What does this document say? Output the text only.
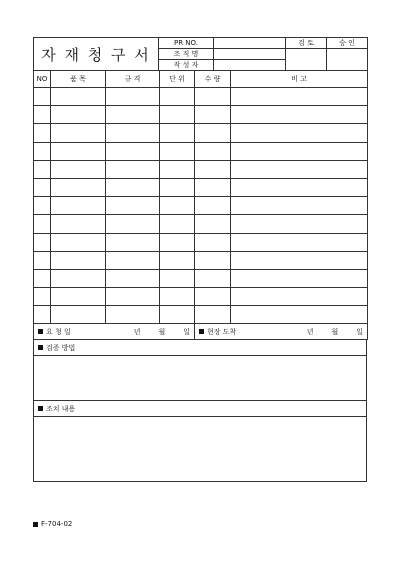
자 재 청 구 서	PR NO.		검 토	승 인
	조 직 명			
	작 성 자			
NO	품 목	규 격	단 위	수 량	비 고

요 청 일	년	월	일	현장 도착	년	월	일
검증 방법

조치 내용

F-704-02
